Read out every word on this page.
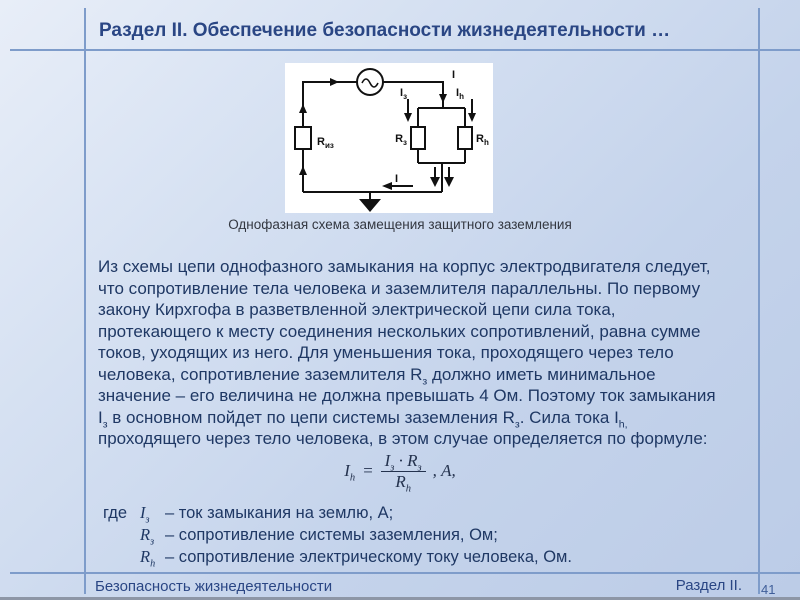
Раздел II. Обеспечение безопасности жизнедеятельности …
$R_{из}$
I
$I_з$	$I_h$
$R_з$	$R_h$
I
Однофазная схема замещения защитного заземления
Из схемы цепи однофазного замыкания на корпус электродвигателя следует,
что сопротивление тела человека и заземлителя параллельны. По первому
закону Кирхгофа в разветвленной электрической цепи сила тока,
протекающего к месту соединения нескольких сопротивлений, равна сумме
токов, уходящих из него. Для уменьшения тока, проходящего через тело
человека, сопротивление заземлителя $R_з$ должно иметь минимальное
значение – его величина не должна превышать 4 Ом. Поэтому ток замыкания
$I_з$ в основном пойдет по цепи системы заземления $R_з$. Сила тока $I_{h,}$
проходящего через тело человека, в этом случае определяется по формуле:
$I_h = \frac{I_з \cdot R_з}{R_h}$ , А,
где $I_з$ – ток замыкания на землю, А;
$R_з$ – сопротивление системы заземления, Ом;
$R_h$ – сопротивление электрическому току человека, Ом.
Безопасность жизнедеятельности	Раздел II. 41
